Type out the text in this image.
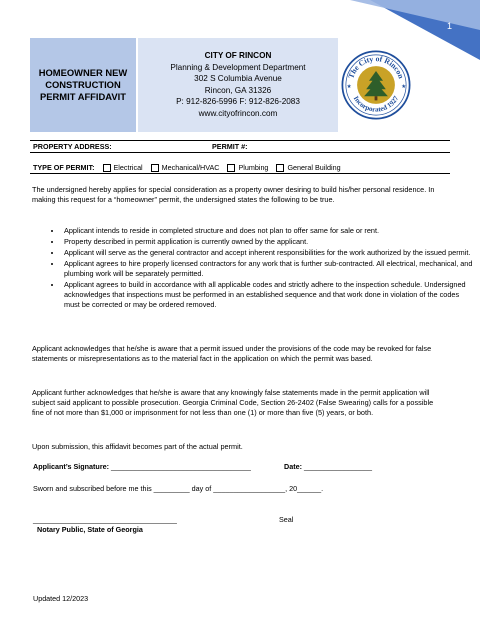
1
HOMEOWNER NEW
CONSTRUCTION
PERMIT AFFIDAVIT
CITY OF RINCON
Planning & Development Department
302 S Columbia Avenue
Rincon, GA 31326
P: 912-826-5996 F: 912-826-2083
www.cityofrincon.com
The City of Rincon
Incorporated 1927
★	★
PROPERTY ADDRESS:	PERMIT #:
TYPE OF PERMIT:	Electrical	Mechanical/HVAC	Plumbing	General Building
The undersigned hereby applies for special consideration as a property owner desiring to build his/her personal residence. In making this request for a “homeowner” permit, the undersigned states the following to be true.
• Applicant intends to reside in completed structure and does not plan to offer same for sale or rent.
• Property described in permit application is currently owned by the applicant.
• Applicant will serve as the general contractor and accept inherent responsibilities for the work authorized by the issued permit.
• Applicant agrees to hire properly licensed contractors for any work that is further sub-contracted. All electrical, mechanical, and plumbing work will be separately permitted.
• Applicant agrees to build in accordance with all applicable codes and strictly adhere to the inspection schedule. Undersigned acknowledges that inspections must be performed in an established sequence and that work done in violation of the codes must be corrected or may be ordered removed.
Applicant acknowledges that he/she is aware that a permit issued under the provisions of the code may be revoked for false statements or misrepresentations as to the material fact in the application on which the permit was based.
Applicant further acknowledges that he/she is aware that any knowingly false statements made in the permit application will subject said applicant to possible prosecution. Georgia Criminal Code, Section 26-2402 (False Swearing) calls for a possible fine of not more than $1,000 or imprisonment for not less than one (1) or more than five (5) years, or both.
Upon submission, this affidavit becomes part of the actual permit.
Applicant’s Signature: ___________________________________	Date: _________________
Sworn and subscribed before me this _________ day of __________________, 20______.
____________________________________	Seal
Notary Public, State of Georgia
Updated 12/2023
